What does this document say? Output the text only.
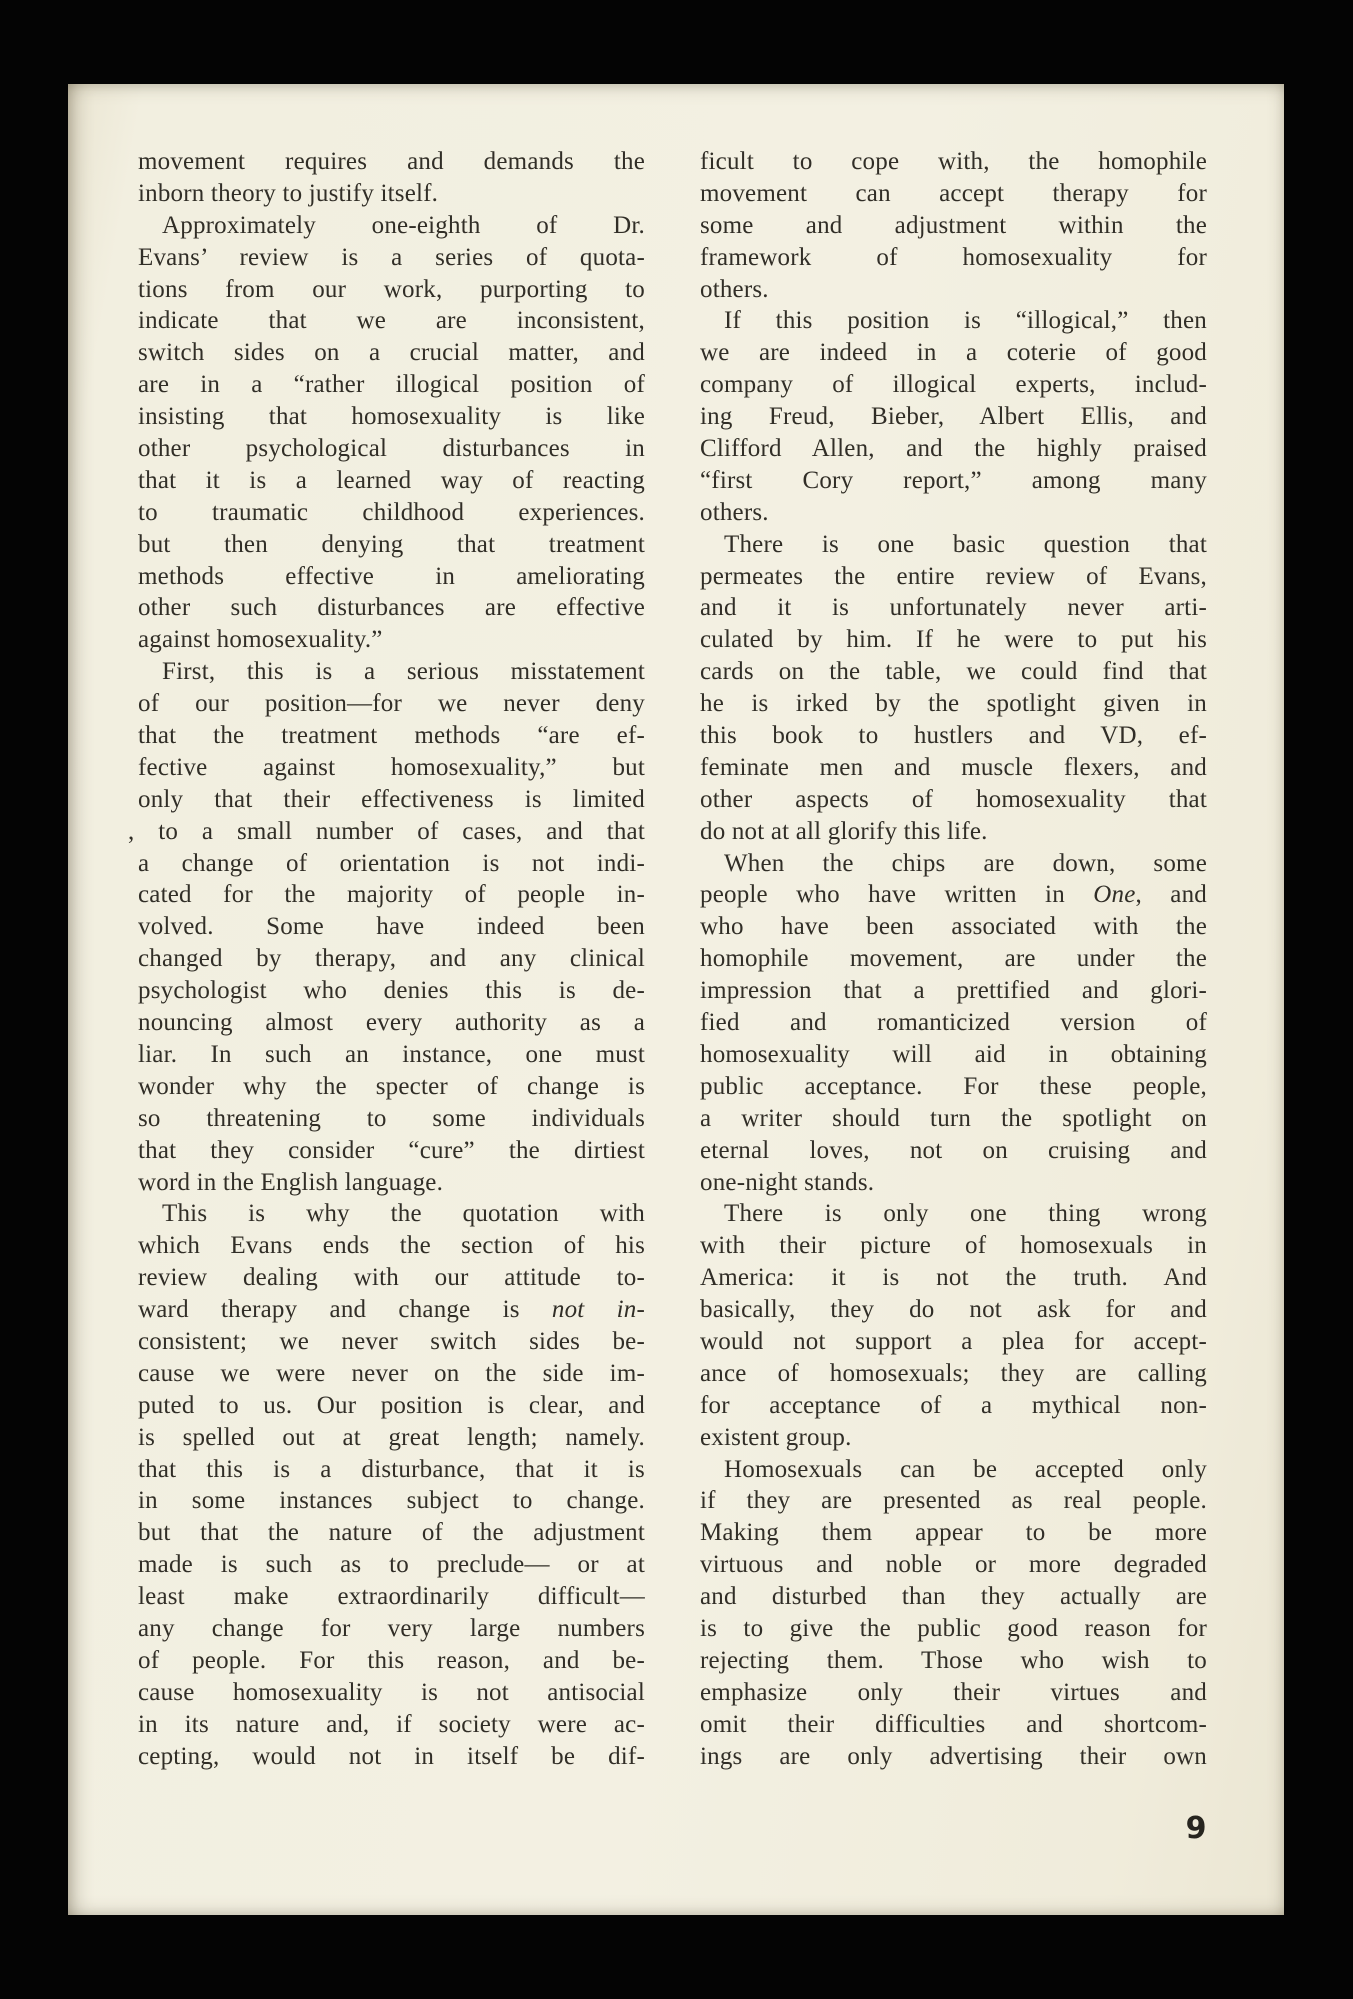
movement requires and demands the
inborn theory to justify itself.
Approximately one-eighth of Dr.
Evans’ review is a series of quota-
tions from our work, purporting to
indicate that we are inconsistent,
switch sides on a crucial matter, and
are in a “rather illogical position of
insisting that homosexuality is like
other psychological disturbances in
that it is a learned way of reacting
to traumatic childhood experiences.
but then denying that treatment
methods effective in ameliorating
other such disturbances are effective
against homosexuality.”
First, this is a serious misstatement
of our position—for we never deny
that the treatment methods “are ef-
fective against homosexuality,” but
only that their effectiveness is limited
, to a small number of cases, and that
a change of orientation is not indi-
cated for the majority of people in-
volved. Some have indeed been
changed by therapy, and any clinical
psychologist who denies this is de-
nouncing almost every authority as a
liar. In such an instance, one must
wonder why the specter of change is
so threatening to some individuals
that they consider “cure” the dirtiest
word in the English language.
This is why the quotation with
which Evans ends the section of his
review dealing with our attitude to-
ward therapy and change is not in-
consistent; we never switch sides be-
cause we were never on the side im-
puted to us. Our position is clear, and
is spelled out at great length; namely.
that this is a disturbance, that it is
in some instances subject to change.
but that the nature of the adjustment
made is such as to preclude— or at
least make extraordinarily difficult—
any change for very large numbers
of people. For this reason, and be-
cause homosexuality is not antisocial
in its nature and, if society were ac-
cepting, would not in itself be dif-
ficult to cope with, the homophile
movement can accept therapy for
some and adjustment within the
framework of homosexuality for
others.
If this position is “illogical,” then
we are indeed in a coterie of good
company of illogical experts, includ-
ing Freud, Bieber, Albert Ellis, and
Clifford Allen, and the highly praised
“first Cory report,” among many
others.
There is one basic question that
permeates the entire review of Evans,
and it is unfortunately never arti-
culated by him. If he were to put his
cards on the table, we could find that
he is irked by the spotlight given in
this book to hustlers and VD, ef-
feminate men and muscle flexers, and
other aspects of homosexuality that
do not at all glorify this life.
When the chips are down, some
people who have written in One, and
who have been associated with the
homophile movement, are under the
impression that a prettified and glori-
fied and romanticized version of
homosexuality will aid in obtaining
public acceptance. For these people,
a writer should turn the spotlight on
eternal loves, not on cruising and
one-night stands.
There is only one thing wrong
with their picture of homosexuals in
America: it is not the truth. And
basically, they do not ask for and
would not support a plea for accept-
ance of homosexuals; they are calling
for acceptance of a mythical non-
existent group.
Homosexuals can be accepted only
if they are presented as real people.
Making them appear to be more
virtuous and noble or more degraded
and disturbed than they actually are
is to give the public good reason for
rejecting them. Those who wish to
emphasize only their virtues and
omit their difficulties and shortcom-
ings are only advertising their own
9
